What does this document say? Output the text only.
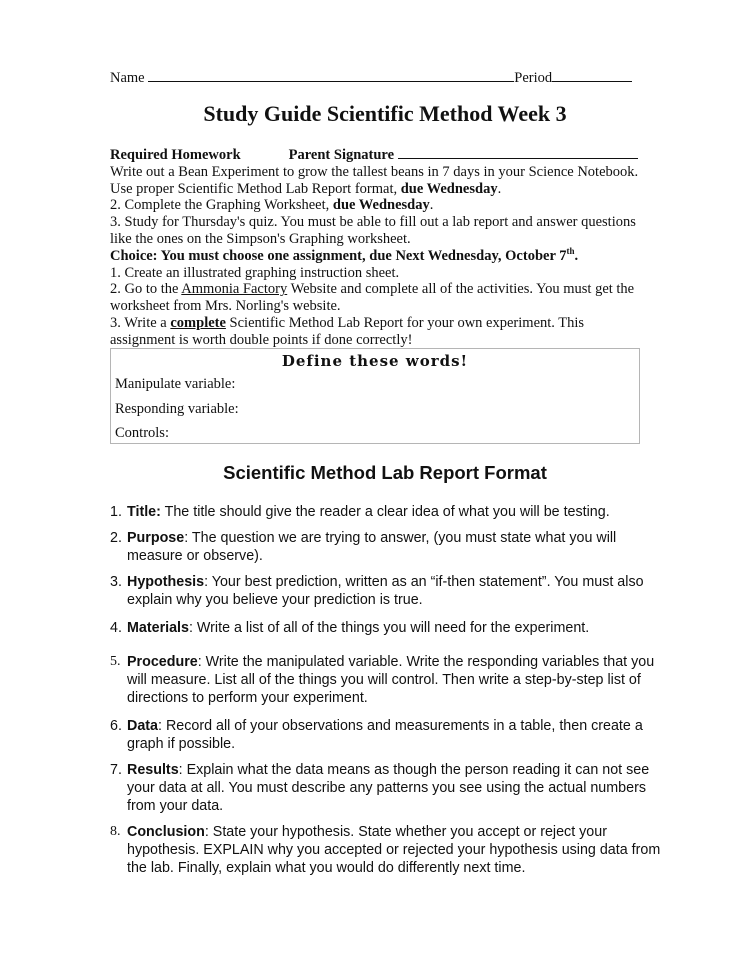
Name	Period
Study Guide Scientific Method Week 3

Required Homework	Parent Signature

Write out a Bean Experiment to grow the tallest beans in 7 days in your Science Notebook.

Use proper Scientific Method Lab Report format, due Wednesday.

2. Complete the Graphing Worksheet, due Wednesday.

3. Study for Thursday's quiz. You must be able to fill out a lab report and answer questions

like the ones on the Simpson's Graphing worksheet.

Choice: You must choose one assignment, due Next Wednesday, October 7th.

1. Create an illustrated graphing instruction sheet.

2. Go to the Ammonia Factory Website and complete all of the activities. You must get the

worksheet from Mrs. Norling's website.

3. Write a complete Scientific Method Lab Report for your own experiment. This

assignment is worth double points if done correctly!

Define these words!
Manipulate variable:
Responding variable:
Controls:
Scientific Method Lab Report Format
1. Title: The title should give the reader a clear idea of what you will be testing.
2. Purpose: The question we are trying to answer, (you must state what you will measure or observe).
3. Hypothesis: Your best prediction, written as an “if-then statement”. You must also explain why you believe your prediction is true.
4. Materials: Write a list of all of the things you will need for the experiment.
5. Procedure: Write the manipulated variable. Write the responding variables that you will measure. List all of the things you will control. Then write a step-by-step list of directions to perform your experiment.
6. Data: Record all of your observations and measurements in a table, then create a graph if possible.
7. Results: Explain what the data means as though the person reading it can not see your data at all. You must describe any patterns you see using the actual numbers from your data.
8. Conclusion: State your hypothesis. State whether you accept or reject your hypothesis. EXPLAIN why you accepted or rejected your hypothesis using data from the lab. Finally, explain what you would do differently next time.
